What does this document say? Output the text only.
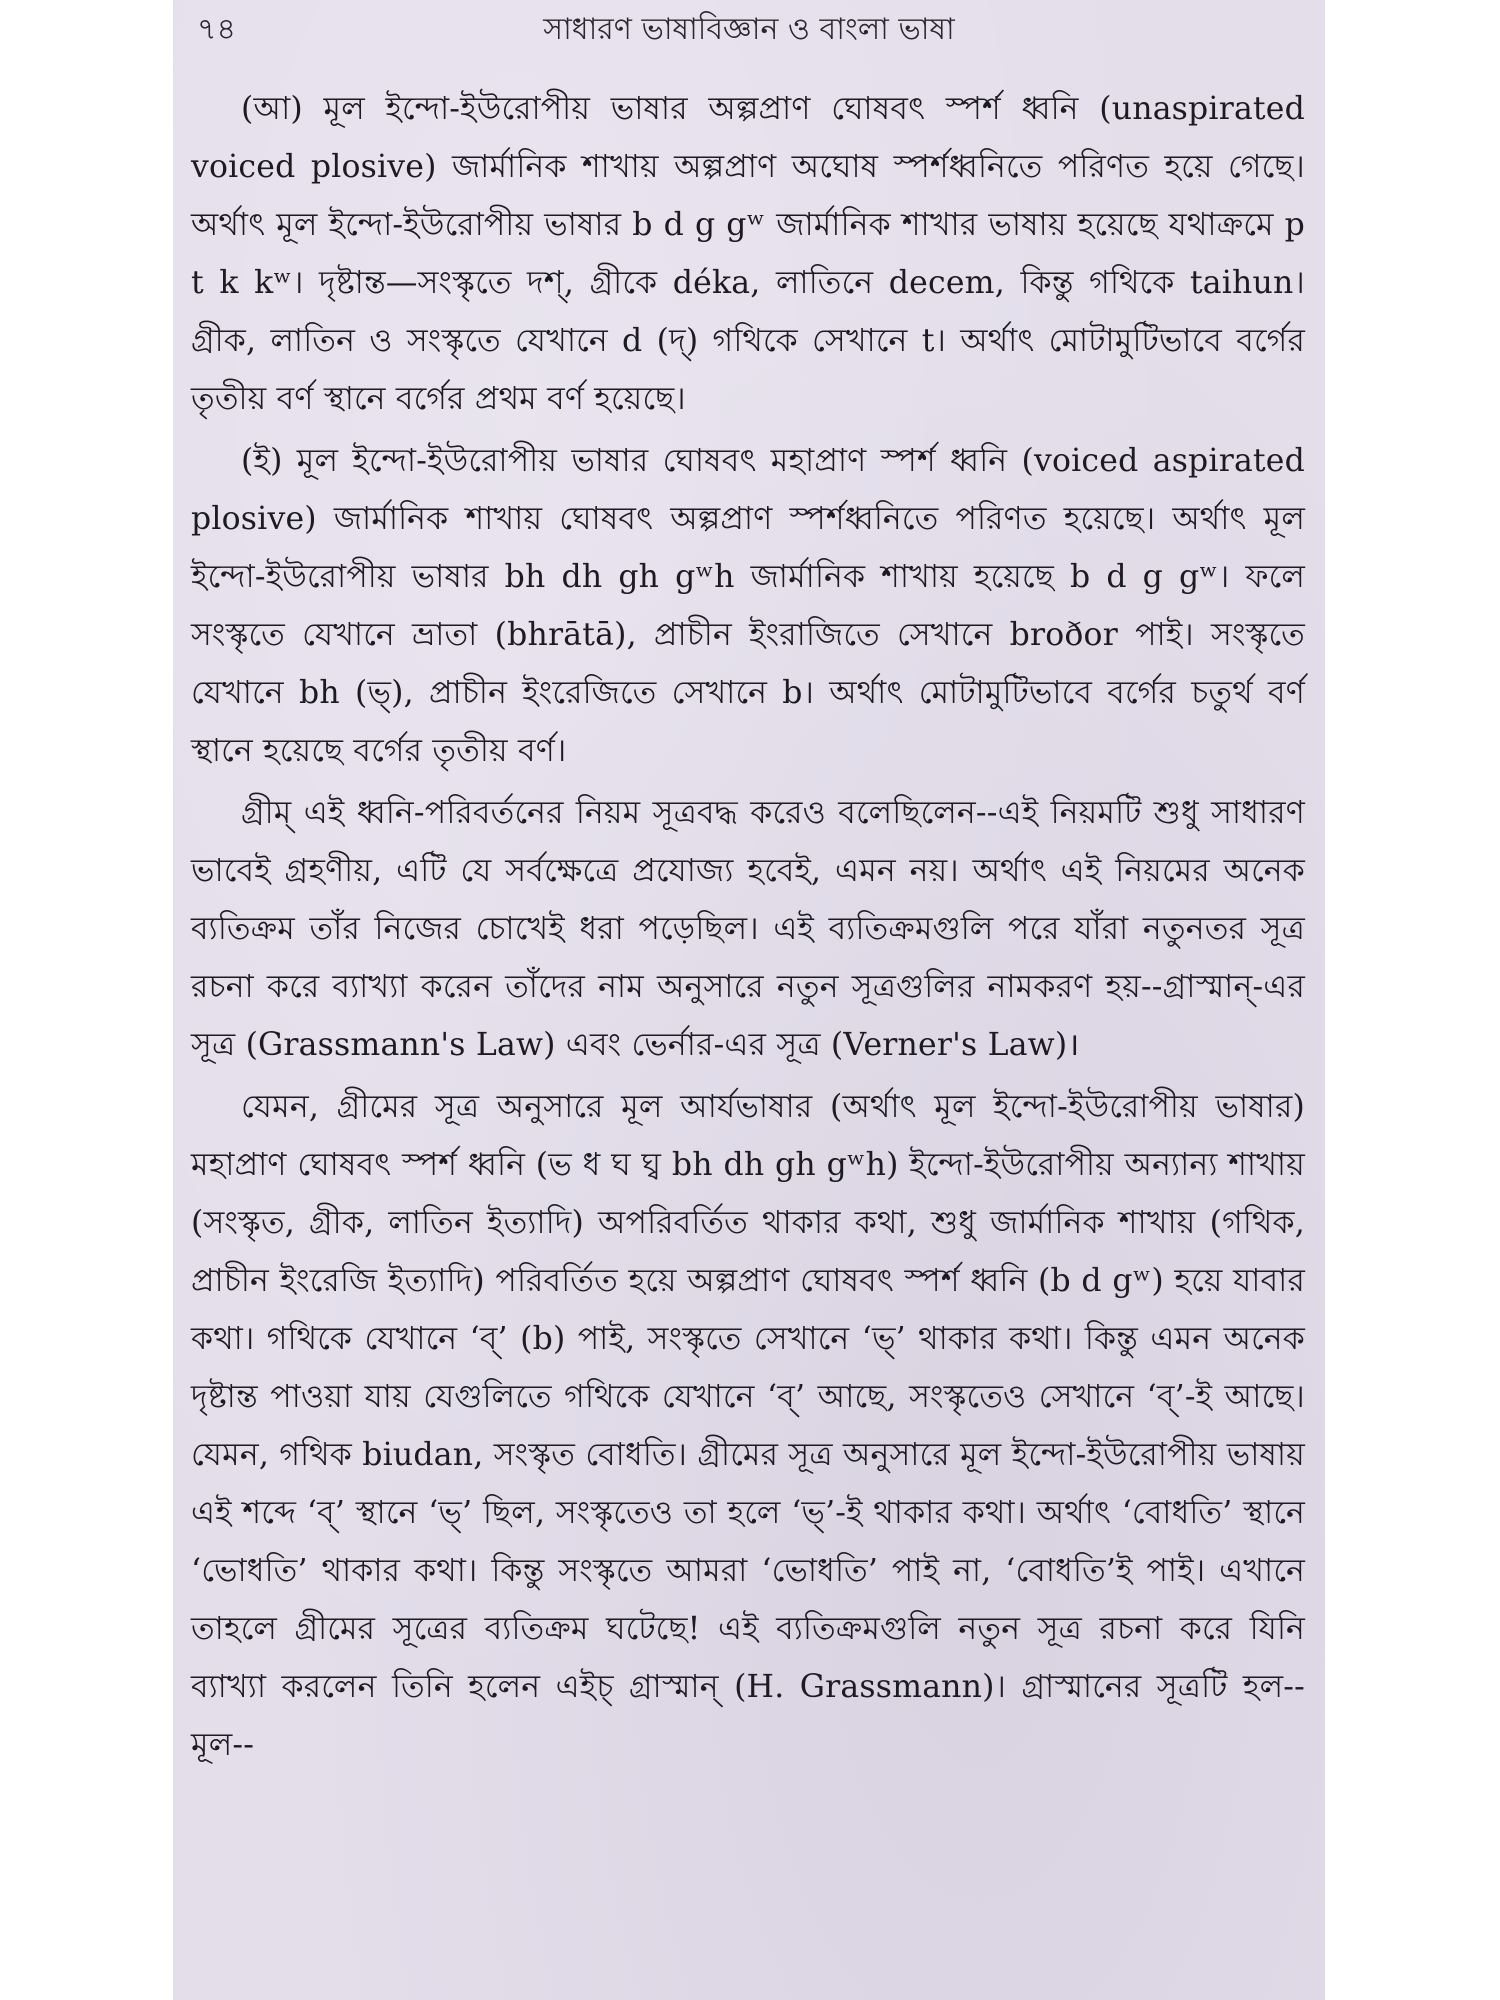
৭৪	সাধারণ ভাষাবিজ্ঞান ও বাংলা ভাষা

(আ) মূল ইন্দো-ইউরোপীয় ভাষার অল্পপ্রাণ ঘোষবৎ স্পর্শ ধ্বনি (unaspirated voiced plosive) জার্মানিক শাখায় অল্পপ্রাণ অঘোষ স্পর্শধ্বনিতে পরিণত হয়ে গেছে। অর্থাৎ মূল ইন্দো-ইউরোপীয় ভাষার b d g gʷ জার্মানিক শাখার ভাষায় হয়েছে যথাক্রমে p t k kʷ। দৃষ্টান্ত—সংস্কৃতে দশ্, গ্রীকে déka, লাতিনে decem, কিন্তু গথিকে taihun। গ্রীক, লাতিন ও সংস্কৃতে যেখানে d (দ্) গথিকে সেখানে t। অর্থাৎ মোটামুটিভাবে বর্গের তৃতীয় বর্ণ স্থানে বর্গের প্রথম বর্ণ হয়েছে।

(ই) মূল ইন্দো-ইউরোপীয় ভাষার ঘোষবৎ মহাপ্রাণ স্পর্শ ধ্বনি (voiced aspirated plosive) জার্মানিক শাখায় ঘোষবৎ অল্পপ্রাণ স্পর্শধ্বনিতে পরিণত হয়েছে। অর্থাৎ মূল ইন্দো-ইউরোপীয় ভাষার bh dh gh gʷh জার্মানিক শাখায় হয়েছে b d g gʷ। ফলে সংস্কৃতে যেখানে ভ্রাতা (bhrātā), প্রাচীন ইংরাজিতে সেখানে broðor পাই। সংস্কৃতে যেখানে bh (ভ্), প্রাচীন ইংরেজিতে সেখানে b। অর্থাৎ মোটামুটিভাবে বর্গের চতুর্থ বর্ণ স্থানে হয়েছে বর্গের তৃতীয় বর্ণ।

গ্রীম্ এই ধ্বনি-পরিবর্তনের নিয়ম সূত্রবদ্ধ করেও বলেছিলেন--এই নিয়মটি শুধু সাধারণ ভাবেই গ্রহণীয়, এটি যে সর্বক্ষেত্রে প্রযোজ্য হবেই, এমন নয়। অর্থাৎ এই নিয়মের অনেক ব্যতিক্রম তাঁর নিজের চোখেই ধরা পড়েছিল। এই ব্যতিক্রমগুলি পরে যাঁরা নতুনতর সূত্র রচনা করে ব্যাখ্যা করেন তাঁদের নাম অনুসারে নতুন সূত্রগুলির নামকরণ হয়--গ্রাস্মান্-এর সূত্র (Grassmann's Law) এবং ভের্নার-এর সূত্র (Verner's Law)।

যেমন, গ্রীমের সূত্র অনুসারে মূল আর্যভাষার (অর্থাৎ মূল ইন্দো-ইউরোপীয় ভাষার) মহাপ্রাণ ঘোষবৎ স্পর্শ ধ্বনি (ভ ধ ঘ ঘ্ব bh dh gh gʷh) ইন্দো-ইউরোপীয় অন্যান্য শাখায় (সংস্কৃত, গ্রীক, লাতিন ইত্যাদি) অপরিবর্তিত থাকার কথা, শুধু জার্মানিক শাখায় (গথিক, প্রাচীন ইংরেজি ইত্যাদি) পরিবর্তিত হয়ে অল্পপ্রাণ ঘোষবৎ স্পর্শ ধ্বনি (b d gʷ) হয়ে যাবার কথা। গথিকে যেখানে ‘ব্’ (b) পাই, সংস্কৃতে সেখানে ‘ভ্’ থাকার কথা। কিন্তু এমন অনেক দৃষ্টান্ত পাওয়া যায় যেগুলিতে গথিকে যেখানে ‘ব্’ আছে, সংস্কৃতেও সেখানে ‘ব্’-ই আছে। যেমন, গথিক biudan, সংস্কৃত বোধতি। গ্রীমের সূত্র অনুসারে মূল ইন্দো-ইউরোপীয় ভাষায় এই শব্দে ‘ব্’ স্থানে ‘ভ্’ ছিল, সংস্কৃতেও তা হলে ‘ভ্’-ই থাকার কথা। অর্থাৎ ‘বোধতি’ স্থানে ‘ভোধতি’ থাকার কথা। কিন্তু সংস্কৃতে আমরা ‘ভোধতি’ পাই না, ‘বোধতি’ই পাই। এখানে তাহলে গ্রীমের সূত্রের ব্যতিক্রম ঘটেছে! এই ব্যতিক্রমগুলি নতুন সূত্র রচনা করে যিনি ব্যাখ্যা করলেন তিনি হলেন এইচ্ গ্রাস্মান্ (H. Grassmann)। গ্রাস্মানের সূত্রটি হল--মূল--
